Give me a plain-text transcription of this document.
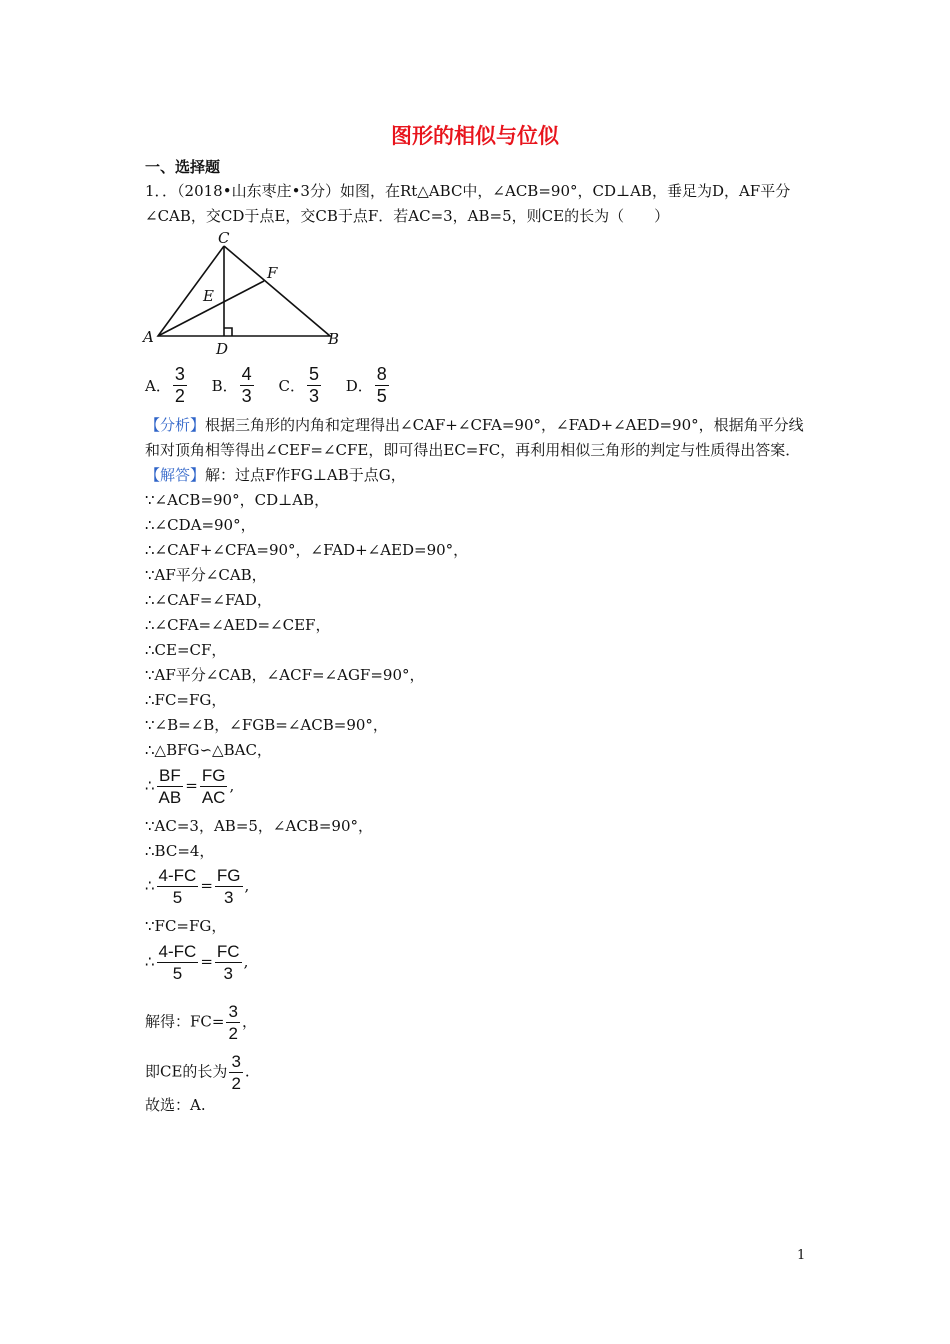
图形的相似与位似
一、选择题
1．．（2018•山东枣庄•3分）如图，在Rt△ABC中，∠ACB=90°，CD⊥AB，垂足为D，AF平分
∠CAB，交CD于点E，交CB于点F．若AC=3，AB=5，则CE的长为（　　）
C
F
E
A
D
B
A． $\frac{3}{2}$
B． $\frac{4}{3}$
C． $\frac{5}{3}$
D． $\frac{8}{5}$
【分析】根据三角形的内角和定理得出∠CAF+∠CFA=90°，∠FAD+∠AED=90°，根据角平分线
和对顶角相等得出∠CEF=∠CFE，即可得出EC=FC，再利用相似三角形的判定与性质得出答案．
【解答】解：过点F作FG⊥AB于点G，
∵∠ACB=90°，CD⊥AB，
∴∠CDA=90°，
∴∠CAF+∠CFA=90°，∠FAD+∠AED=90°，
∵AF平分∠CAB，
∴∠CAF=∠FAD，
∴∠CFA=∠AED=∠CEF，
∴CE=CF，
∵AF平分∠CAB，∠ACF=∠AGF=90°，
∴FC=FG，
∵∠B=∠B，∠FGB=∠ACB=90°，
∴△BFG∽△BAC，
∴ $\frac{BF}{AB} = \frac{FG}{AC}$ ,
∵AC=3，AB=5，∠ACB=90°，
∴BC=4，
∴ $\frac{4-FC}{5} = \frac{FG}{3}$ ,
∵FC=FG，
∴ $\frac{4-FC}{5} = \frac{FC}{3}$ ,
解得：$FC= \frac{3}{2}$ ，
即CE的长为 $\frac{3}{2}$ .
故选：A.
1
